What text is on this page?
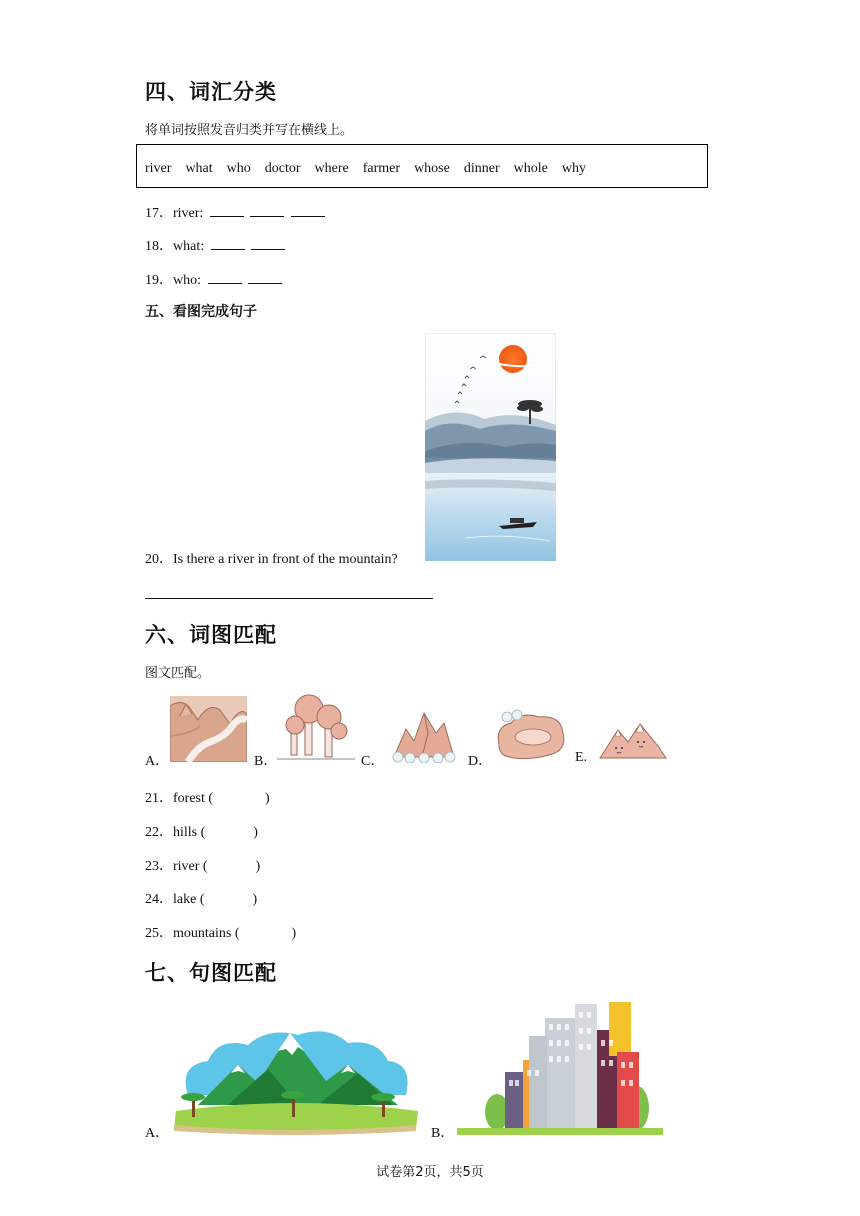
四、词汇分类
将单词按照发音归类并写在横线上。
river what who doctor where farmer whose dinner whole why
17．river:
18．what:
19．who:
五、看图完成句子
20．Is there a river in front of the mountain?
六、词图匹配
图文匹配。
A．	B．	C．	D．	E.
21．forest (	)
22．hills (	)
23．river (	)
24．lake (	)
25．mountains (	)
七、句图匹配
A．	B．
试卷第2页，共5页
